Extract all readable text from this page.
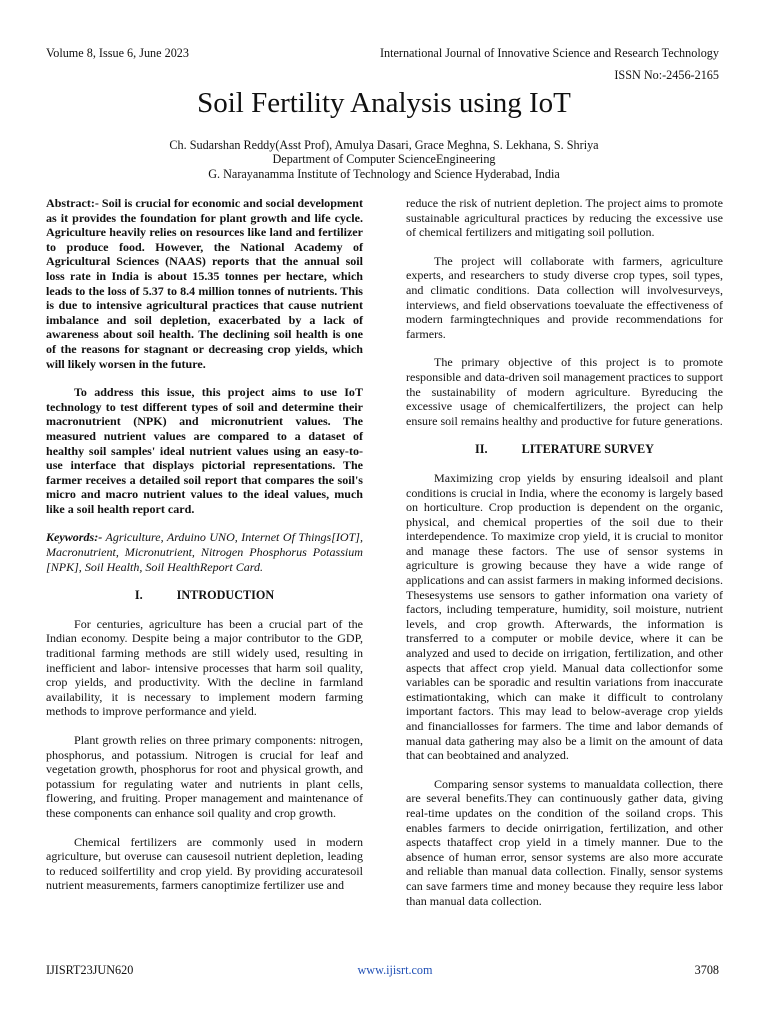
Volume 8, Issue 6, June 2023	International Journal of Innovative Science and Research Technology
ISSN No:-2456-2165
Soil Fertility Analysis using IoT
Ch. Sudarshan Reddy(Asst Prof), Amulya Dasari, Grace Meghna, S. Lekhana, S. Shriya
Department of Computer ScienceEngineering
G. Narayanamma Institute of Technology and Science Hyderabad, India

Abstract:- Soil is crucial for economic and social development as it provides the foundation for plant growth and life cycle. Agriculture heavily relies on resources like land and fertilizer to produce food. However, the National Academy of Agricultural Sciences (NAAS) reports that the annual soil loss rate in India is about 15.35 tonnes per hectare, which leads to the loss of 5.37 to 8.4 million tonnes of nutrients. This is due to intensive agricultural practices that cause nutrient imbalance and soil depletion, exacerbated by a lack of awareness about soil health. The declining soil health is one of the reasons for stagnant or decreasing crop yields, which will likely worsen in the future.

To address this issue, this project aims to use IoT technology to test different types of soil and determine their macronutrient (NPK) and micronutrient values. The measured nutrient values are compared to a dataset of healthy soil samples' ideal nutrient values using an easy-to-use interface that displays pictorial representations. The farmer receives a detailed soil report that compares the soil's micro and macro nutrient values to the ideal values, much like a soil health report card.

Keywords:- Agriculture, Arduino UNO, Internet Of Things[IOT], Macronutrient, Micronutrient, Nitrogen Phosphorus Potassium [NPK], Soil Health, Soil HealthReport Card.

I.	INTRODUCTION

For centuries, agriculture has been a crucial part of the Indian economy. Despite being a major contributor to the GDP, traditional farming methods are still widely used, resulting in inefficient and labor- intensive processes that harm soil quality, crop yields, and productivity. With the decline in farmland availability, it is necessary to implement modern farming methods to improve performance and yield.

Plant growth relies on three primary components: nitrogen, phosphorus, and potassium. Nitrogen is crucial for leaf and vegetation growth, phosphorus for root and physical growth, and potassium for regulating water and nutrients in plant cells, flowering, and fruiting. Proper management and maintenance of these components can enhance soil quality and crop growth.

Chemical fertilizers are commonly used in modern agriculture, but overuse can causesoil nutrient depletion, leading to reduced soilfertility and crop yield. By providing accuratesoil nutrient measurements, farmers canoptimize fertilizer use and

reduce the risk of nutrient depletion. The project aims to promote sustainable agricultural practices by reducing the excessive use of chemical fertilizers and mitigating soil pollution.

The project will collaborate with farmers, agriculture experts, and researchers to study diverse crop types, soil types, and climatic conditions. Data collection will involvesurveys, interviews, and field observations toevaluate the effectiveness of modern farmingtechniques and provide recommendations for farmers.

The primary objective of this project is to promote responsible and data-driven soil management practices to support the sustainability of modern agriculture. Byreducing the excessive usage of chemicalfertilizers, the project can help ensure soil remains healthy and productive for future generations.

II.	LITERATURE SURVEY

Maximizing crop yields by ensuring idealsoil and plant conditions is crucial in India, where the economy is largely based on horticulture. Crop production is dependent on the organic, physical, and chemical properties of the soil due to their interdependence. To maximize crop yield, it is crucial to monitor and manage these factors. The use of sensor systems in agriculture is growing because they have a wide range of applications and can assist farmers in making informed decisions. Thesesystems use sensors to gather information ona variety of factors, including temperature, humidity, soil moisture, nutrient levels, and crop growth. Afterwards, the information is transferred to a computer or mobile device, where it can be analyzed and used to decide on irrigation, fertilization, and other aspects that affect crop yield. Manual data collectionfor some variables can be sporadic and resultin variations from inaccurate estimationtaking, which can make it difficult to controlany important factors. This may lead to below-average crop yields and financiallosses for farmers. The time and labor demands of manual data gathering may also be a limit on the amount of data that can beobtained and analyzed.

Comparing sensor systems to manualdata collection, there are several benefits.They can continuously gather data, giving real-time updates on the condition of the soiland crops. This enables farmers to decide onirrigation, fertilization, and other aspects thataffect crop yield in a timely manner. Due to the absence of human error, sensor systems are also more accurate and reliable than manual data collection. Finally, sensor systems can save farmers time and money because they require less labor than manual data collection.

IJISRT23JUN620	www.ijisrt.com	3708
